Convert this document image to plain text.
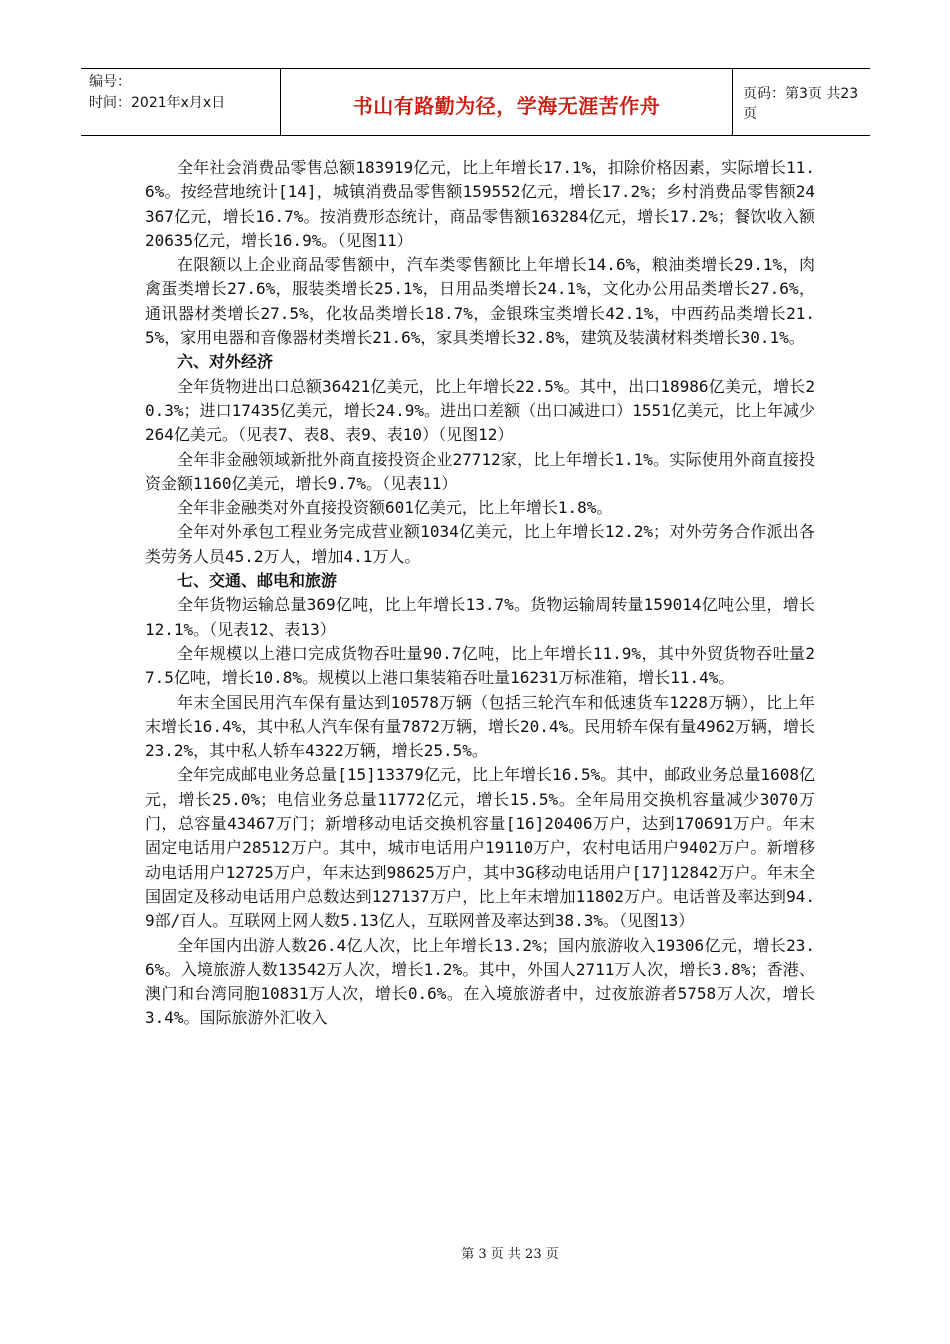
编号：
时间：2021年x月x日	书山有路勤为径，学海无涯苦作舟	页码：第3页 共23页

全年社会消费品零售总额183919亿元，比上年增长17.1%，扣除价格因素，实际增长11.6%。按经营地统计[14]，城镇消费品零售额159552亿元，增长17.2%；乡村消费品零售额24367亿元，增长16.7%。按消费形态统计，商品零售额163284亿元，增长17.2%；餐饮收入额20635亿元，增长16.9%。（见图11）

在限额以上企业商品零售额中，汽车类零售额比上年增长14.6%，粮油类增长29.1%，肉禽蛋类增长27.6%，服装类增长25.1%，日用品类增长24.1%，文化办公用品类增长27.6%，通讯器材类增长27.5%，化妆品类增长18.7%，金银珠宝类增长42.1%，中西药品类增长21.5%，家用电器和音像器材类增长21.6%，家具类增长32.8%，建筑及装潢材料类增长30.1%。

六、对外经济

全年货物进出口总额36421亿美元，比上年增长22.5%。其中，出口18986亿美元，增长20.3%；进口17435亿美元，增长24.9%。进出口差额（出口减进口）1551亿美元，比上年减少264亿美元。（见表7、表8、表9、表10）（见图12）

全年非金融领域新批外商直接投资企业27712家，比上年增长1.1%。实际使用外商直接投资金额1160亿美元，增长9.7%。（见表11）

全年非金融类对外直接投资额601亿美元，比上年增长1.8%。

全年对外承包工程业务完成营业额1034亿美元，比上年增长12.2%；对外劳务合作派出各类劳务人员45.2万人，增加4.1万人。

七、交通、邮电和旅游

全年货物运输总量369亿吨，比上年增长13.7%。货物运输周转量159014亿吨公里，增长12.1%。（见表12、表13）

全年规模以上港口完成货物吞吐量90.7亿吨，比上年增长11.9%，其中外贸货物吞吐量27.5亿吨，增长10.8%。规模以上港口集装箱吞吐量16231万标准箱，增长11.4%。

年末全国民用汽车保有量达到10578万辆（包括三轮汽车和低速货车1228万辆），比上年末增长16.4%，其中私人汽车保有量7872万辆，增长20.4%。民用轿车保有量4962万辆，增长23.2%，其中私人轿车4322万辆，增长25.5%。

全年完成邮电业务总量[15]13379亿元，比上年增长16.5%。其中，邮政业务总量1608亿元，增长25.0%；电信业务总量11772亿元，增长15.5%。全年局用交换机容量减少3070万门，总容量43467万门；新增移动电话交换机容量[16]20406万户，达到170691万户。年末固定电话用户28512万户。其中，城市电话用户19110万户，农村电话用户9402万户。新增移动电话用户12725万户，年末达到98625万户，其中3G移动电话用户[17]12842万户。年末全国固定及移动电话用户总数达到127137万户，比上年末增加11802万户。电话普及率达到94.9部/百人。互联网上网人数5.13亿人，互联网普及率达到38.3%。（见图13）

全年国内出游人数26.4亿人次，比上年增长13.2%；国内旅游收入19306亿元，增长23.6%。入境旅游人数13542万人次，增长1.2%。其中，外国人2711万人次，增长3.8%；香港、澳门和台湾同胞10831万人次，增长0.6%。在入境旅游者中，过夜旅游者5758万人次，增长3.4%。国际旅游外汇收入

第 3 页 共 23 页
